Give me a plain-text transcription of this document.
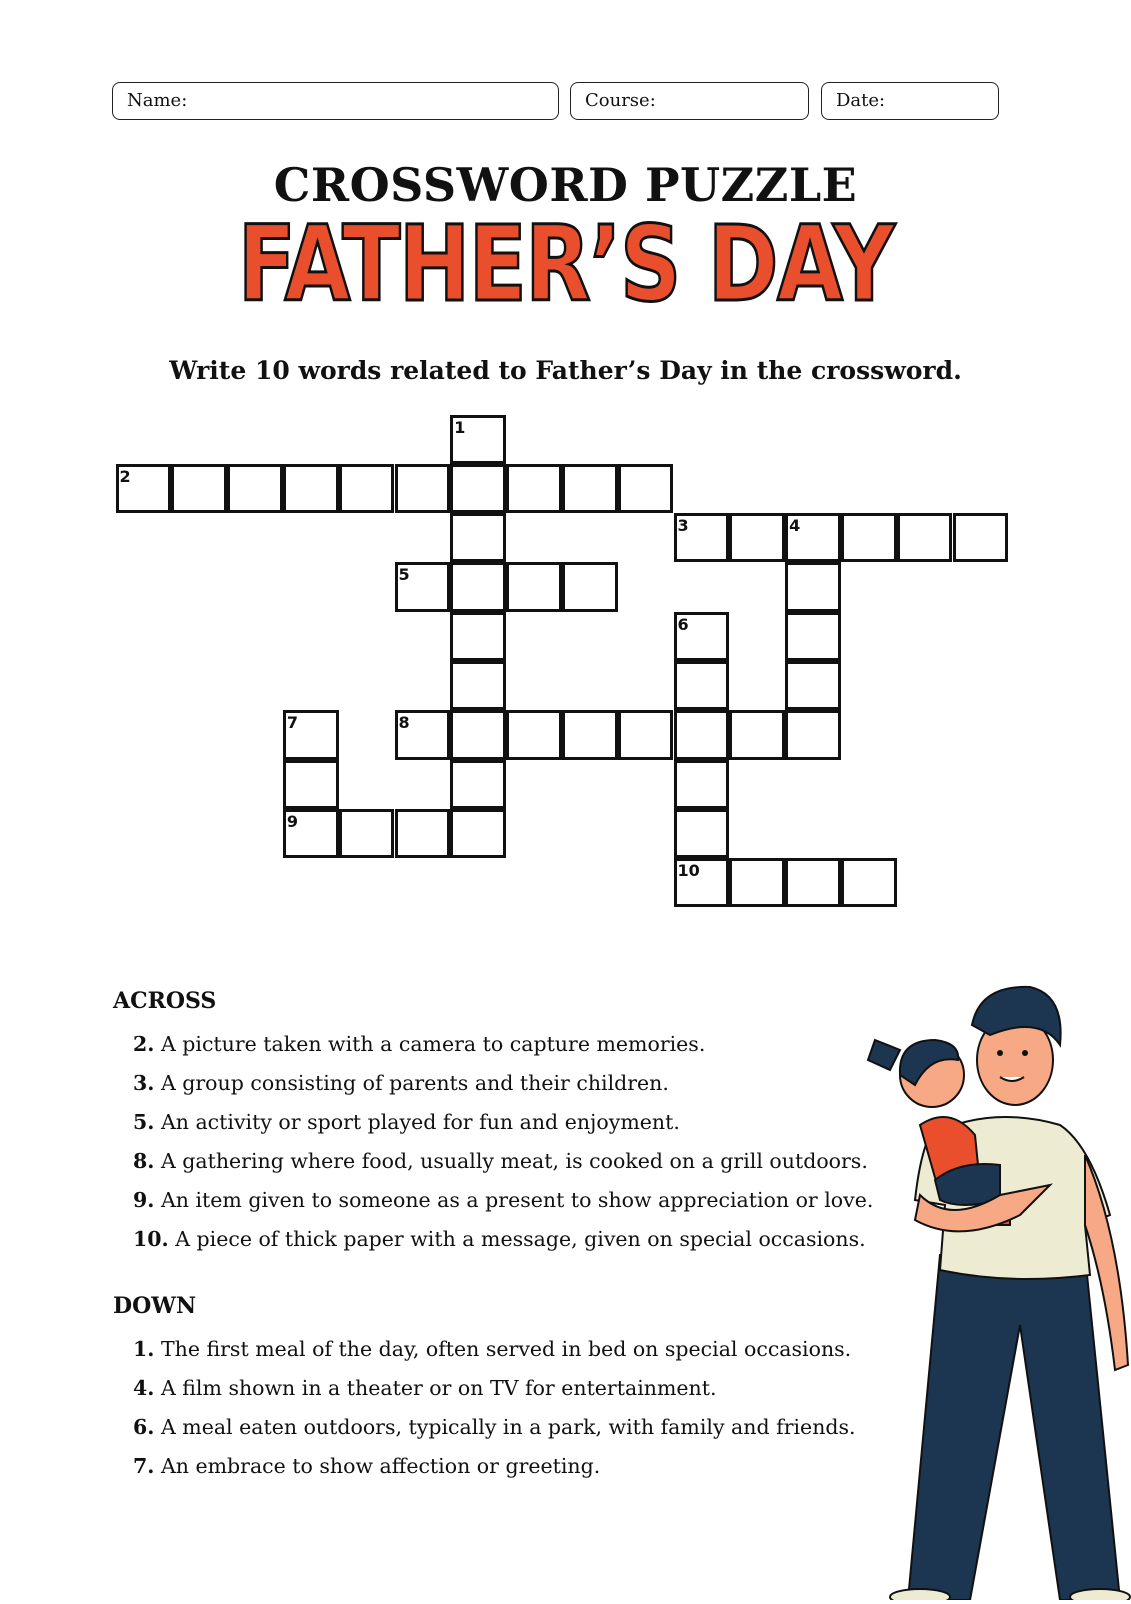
Name:	Course:	Date:
CROSSWORD PUZZLE
FATHER’S DAY
Write 10 words related to Father’s Day in the crossword.
1
2
3	4
5
6
10
7
9
8
ACROSS
2. A picture taken with a camera to capture memories.
3. A group consisting of parents and their children.
5. An activity or sport played for fun and enjoyment.
8. A gathering where food, usually meat, is cooked on a grill outdoors.
9. An item given to someone as a present to show appreciation or love.
10. A piece of thick paper with a message, given on special occasions.
DOWN
1. The first meal of the day, often served in bed on special occasions.
4. A film shown in a theater or on TV for entertainment.
6. A meal eaten outdoors, typically in a park, with family and friends.
7. An embrace to show affection or greeting.
